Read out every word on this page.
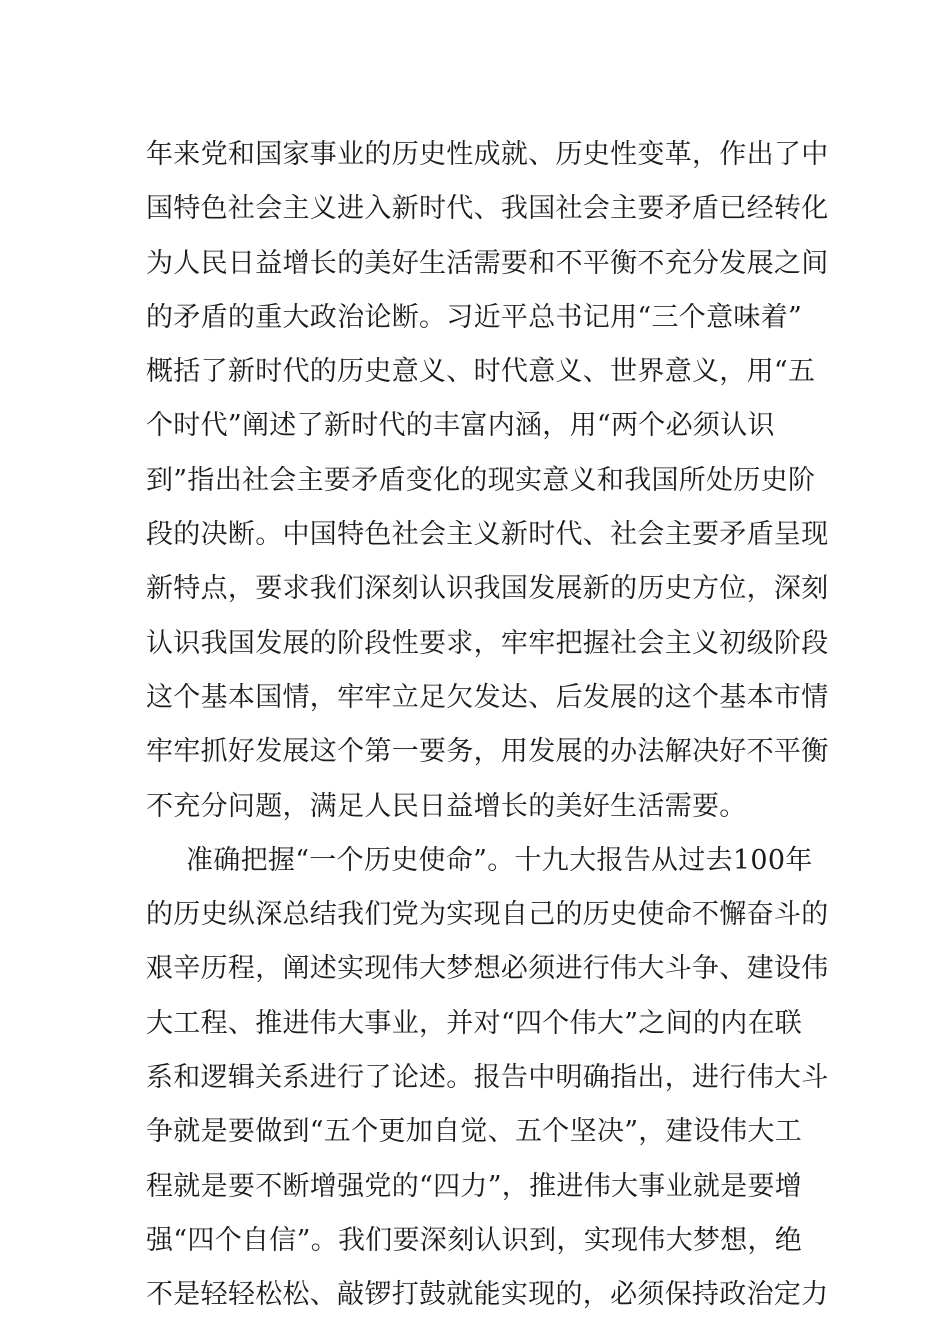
年来党和国家事业的历史性成就、历史性变革，作出了中
国特色社会主义进入新时代、我国社会主要矛盾已经转化
为人民日益增长的美好生活需要和不平衡不充分发展之间
的矛盾的重大政治论断。习近平总书记用“三个意味着”
概括了新时代的历史意义、时代意义、世界意义，用“五
个时代”阐述了新时代的丰富内涵，用“两个必须认识
到”指出社会主要矛盾变化的现实意义和我国所处历史阶
段的决断。中国特色社会主义新时代、社会主要矛盾呈现
新特点，要求我们深刻认识我国发展新的历史方位，深刻
认识我国发展的阶段性要求，牢牢把握社会主义初级阶段
这个基本国情，牢牢立足欠发达、后发展的这个基本市情
牢牢抓好发展这个第一要务，用发展的办法解决好不平衡
不充分问题，满足人民日益增长的美好生活需要。
准确把握“一个历史使命”。十九大报告从过去100年
的历史纵深总结我们党为实现自己的历史使命不懈奋斗的
艰辛历程，阐述实现伟大梦想必须进行伟大斗争、建设伟
大工程、推进伟大事业，并对“四个伟大”之间的内在联
系和逻辑关系进行了论述。报告中明确指出，进行伟大斗
争就是要做到“五个更加自觉、五个坚决”，建设伟大工
程就是要不断增强党的“四力”，推进伟大事业就是要增
强“四个自信”。我们要深刻认识到，实现伟大梦想，绝
不是轻轻松松、敲锣打鼓就能实现的，必须保持政治定力
